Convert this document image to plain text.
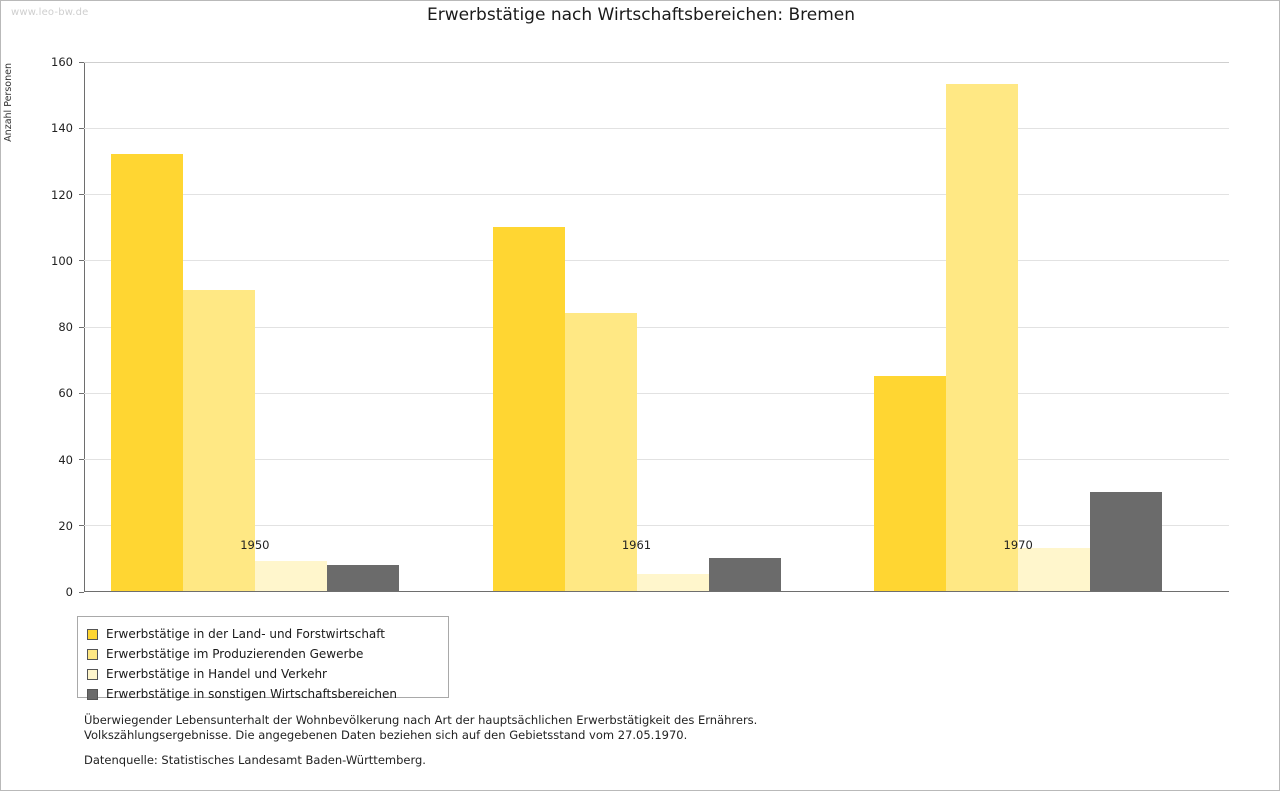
www.leo-bw.de	Erwerbstätige nach Wirtschaftsbereichen: Bremen
Anzahl Personen
0
20
40
60
80
100
120
140
160
1950	1961	1970
Erwerbstätige in der Land- und Forstwirtschaft
Erwerbstätige im Produzierenden Gewerbe
Erwerbstätige in Handel und Verkehr
Erwerbstätige in sonstigen Wirtschaftsbereichen
Überwiegender Lebensunterhalt der Wohnbevölkerung nach Art der hauptsächlichen Erwerbstätigkeit des Ernährers.
Volkszählungsergebnisse. Die angegebenen Daten beziehen sich auf den Gebietsstand vom 27.05.1970.
Datenquelle: Statistisches Landesamt Baden-Württemberg.
